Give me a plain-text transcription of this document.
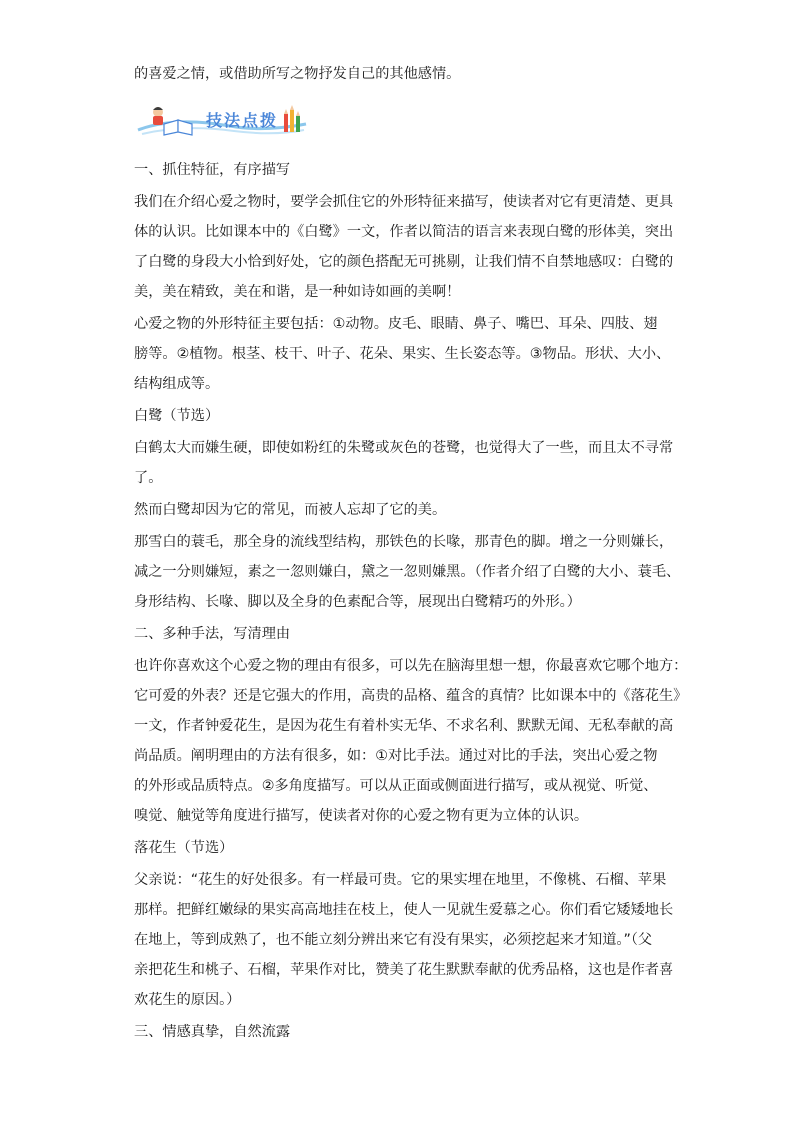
的喜爱之情，或借助所写之物抒发自己的其他感情。
技法点拨
一、抓住特征，有序描写
我们在介绍心爱之物时，要学会抓住它的外形特征来描写，使读者对它有更清楚、更具
体的认识。比如课本中的《白鹭》一文，作者以简洁的语言来表现白鹭的形体美，突出
了白鹭的身段大小恰到好处，它的颜色搭配无可挑剔，让我们情不自禁地感叹：白鹭的
美，美在精致，美在和谐，是一种如诗如画的美啊！
心爱之物的外形特征主要包括：①动物。皮毛、眼睛、鼻子、嘴巴、耳朵、四肢、翅
膀等。②植物。根茎、枝干、叶子、花朵、果实、生长姿态等。③物品。形状、大小、
结构组成等。
白鹭（节选）
白鹤太大而嫌生硬，即使如粉红的朱鹭或灰色的苍鹭，也觉得大了一些，而且太不寻常
了。
然而白鹭却因为它的常见，而被人忘却了它的美。
那雪白的蓑毛，那全身的流线型结构，那铁色的长喙，那青色的脚。增之一分则嫌长，
减之一分则嫌短，素之一忽则嫌白，黛之一忽则嫌黑。（作者介绍了白鹭的大小、蓑毛、
身形结构、长喙、脚以及全身的色素配合等，展现出白鹭精巧的外形。）
二、多种手法，写清理由
也许你喜欢这个心爱之物的理由有很多，可以先在脑海里想一想，你最喜欢它哪个地方：
它可爱的外表？还是它强大的作用，高贵的品格、蕴含的真情？比如课本中的《落花生》
一文，作者钟爱花生，是因为花生有着朴实无华、不求名利、默默无闻、无私奉献的高
尚品质。阐明理由的方法有很多，如：①对比手法。通过对比的手法，突出心爱之物
的外形或品质特点。②多角度描写。可以从正面或侧面进行描写，或从视觉、听觉、
嗅觉、触觉等角度进行描写，使读者对你的心爱之物有更为立体的认识。
落花生（节选）
父亲说：“花生的好处很多。有一样最可贵。它的果实埋在地里，不像桃、石榴、苹果
那样。把鲜红嫩绿的果实高高地挂在枝上，使人一见就生爱慕之心。你们看它矮矮地长
在地上，等到成熟了，也不能立刻分辨出来它有没有果实，必须挖起来才知道。”（父
亲把花生和桃子、石榴，苹果作对比，赞美了花生默默奉献的优秀品格，这也是作者喜
欢花生的原因。）
三、情感真挚，自然流露
